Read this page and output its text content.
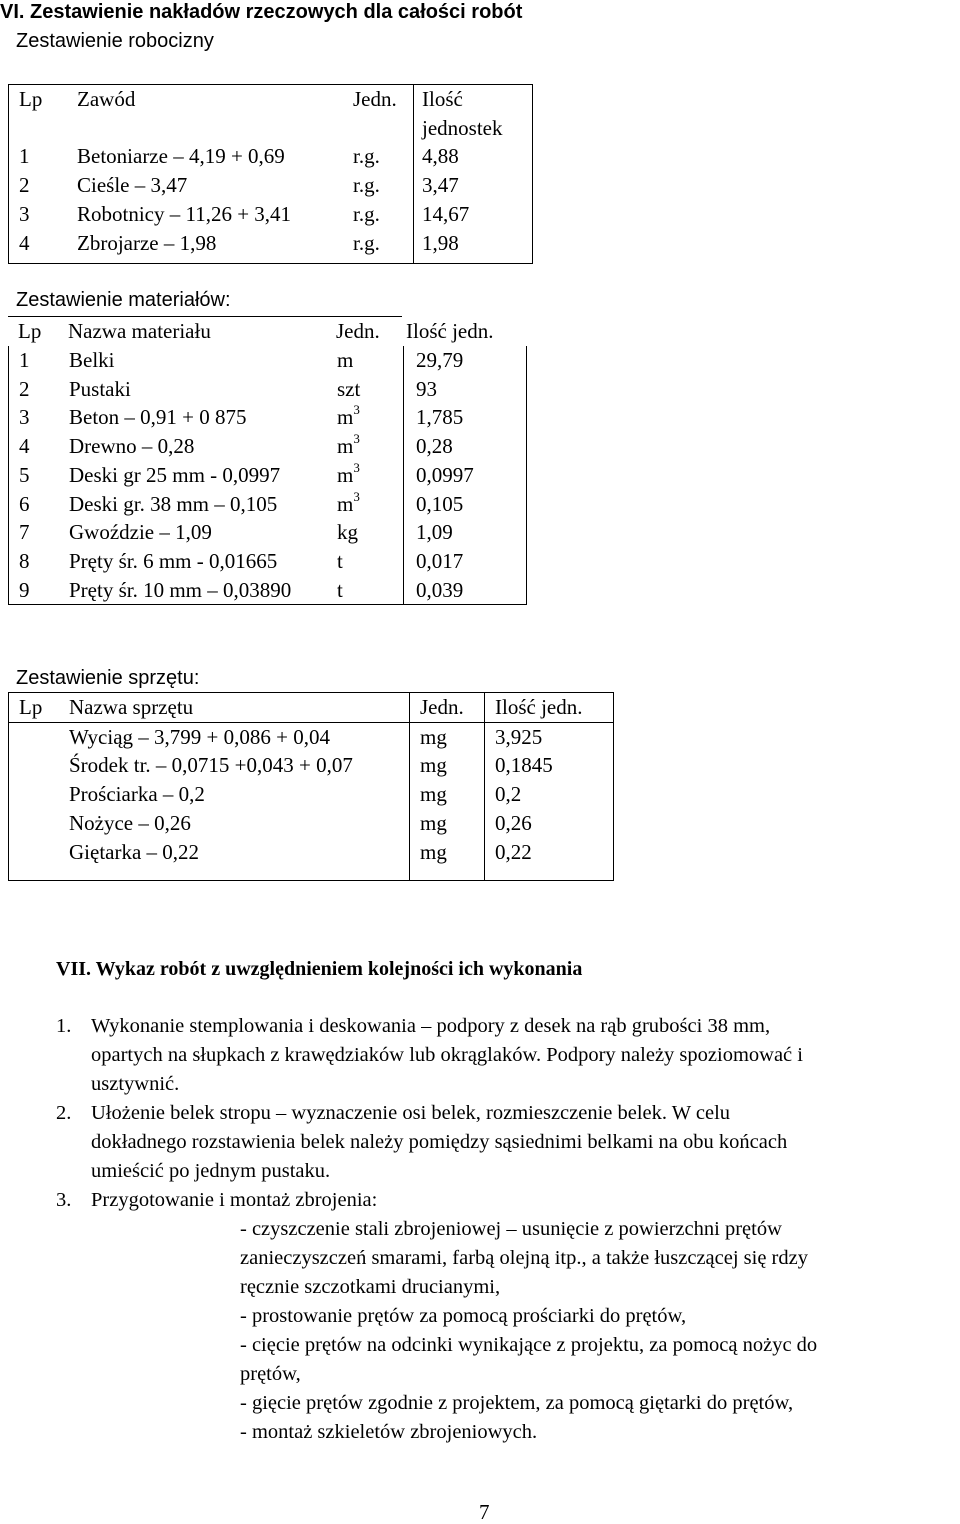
VI. Zestawienie nakładów rzeczowych dla całości robót
Zestawienie robocizny
Lp	Zawód	Jedn.	Ilość
jednostek
1	Betoniarze – 4,19 + 0,69	r.g.	4,88
2	Cieśle – 3,47	r.g.	3,47
3	Robotnicy – 11,26 + 3,41	r.g.	14,67
4	Zbrojarze – 1,98	r.g.	1,98
Zestawienie materiałów:
Lp	Nazwa materiału	Jedn.	Ilość jedn.
1	Belki	m	29,79
2	Pustaki	szt	93
3	Beton – 0,91 + 0 875	$m^3$	1,785
4	Drewno – 0,28	$m^3$	0,28
5	Deski gr 25 mm - 0,0997	$m^3$	0,0997
6	Deski gr. 38 mm – 0,105	$m^3$	0,105
7	Gwoździe – 1,09	kg	1,09
8	Pręty śr. 6 mm - 0,01665	t	0,017
9	Pręty śr. 10 mm – 0,03890	t	0,039
Zestawienie sprzętu:
Lp	Nazwa sprzętu	Jedn.	Ilość jedn.
	Wyciąg – 3,799 + 0,086 + 0,04	mg	3,925
	Środek tr. – 0,0715 +0,043 + 0,07	mg	0,1845
	Prościarka – 0,2	mg	0,2
	Nożyce – 0,26	mg	0,26
	Giętarka – 0,22	mg	0,22
VII. Wykaz robót z uwzględnieniem kolejności ich wykonania
1. Wykonanie stemplowania i deskowania – podpory z desek na rąb grubości 38 mm,
opartych na słupkach z krawędziaków lub okrąglaków. Podpory należy spoziomować i
usztywnić.
2. Ułożenie belek stropu – wyznaczenie osi belek, rozmieszczenie belek. W celu
dokładnego rozstawienia belek należy pomiędzy sąsiednimi belkami na obu końcach
umieścić po jednym pustaku.
3. Przygotowanie i montaż zbrojenia:
- czyszczenie stali zbrojeniowej – usunięcie z powierzchni prętów
zanieczyszczeń smarami, farbą olejną itp., a także łuszczącej się rdzy
ręcznie szczotkami drucianymi,
- prostowanie prętów za pomocą prościarki do prętów,
- cięcie prętów na odcinki wynikające z projektu, za pomocą nożyc do
prętów,
- gięcie prętów zgodnie z projektem, za pomocą giętarki do prętów,
- montaż szkieletów zbrojeniowych.
7
